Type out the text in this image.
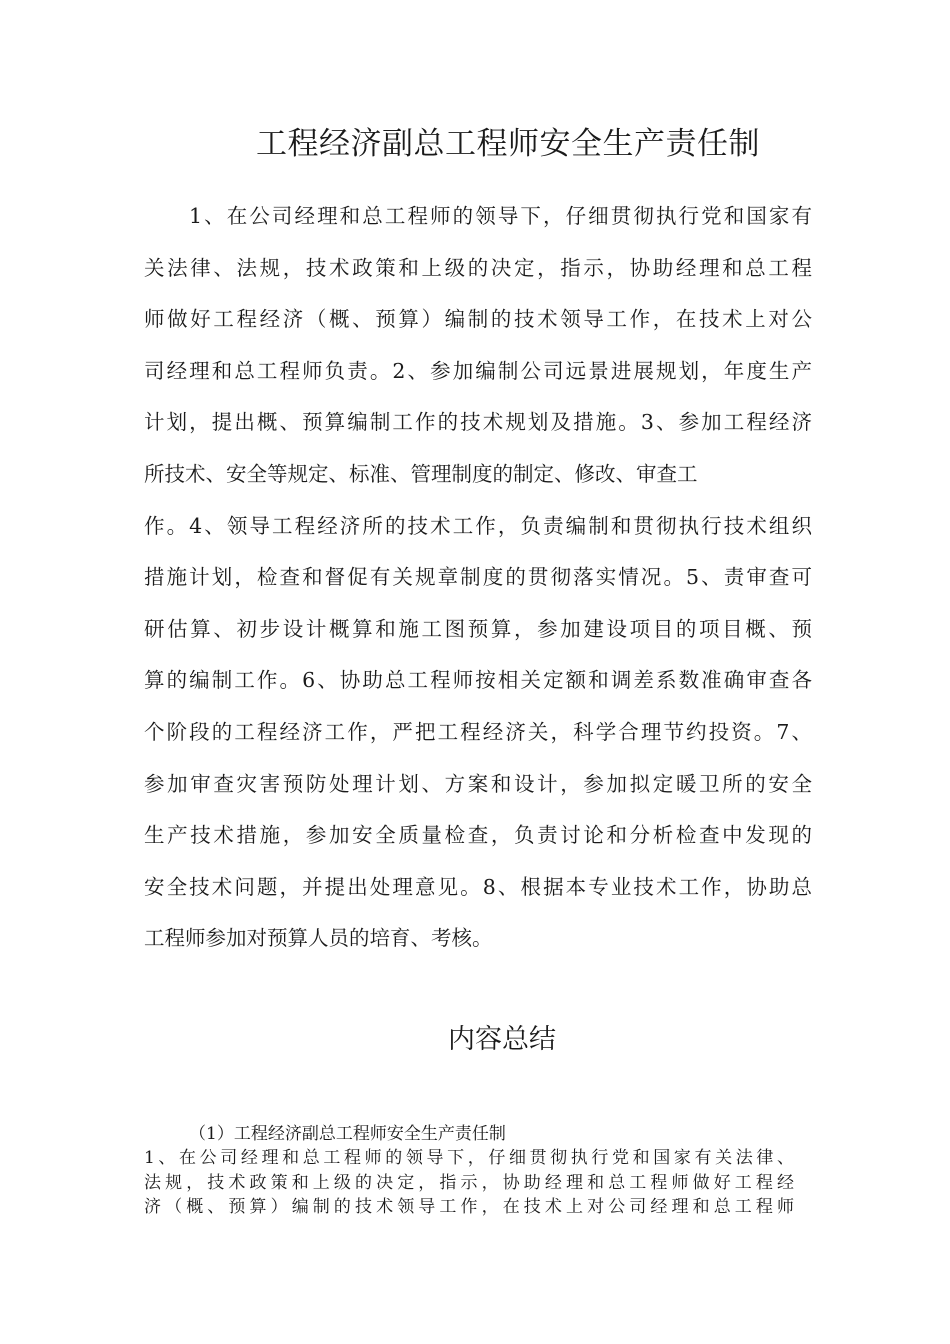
工程经济副总工程师安全生产责任制
1、在公司经理和总工程师的领导下，仔细贯彻执行党和国家有
关法律、法规，技术政策和上级的决定，指示，协助经理和总工程
师做好工程经济（概、预算）编制的技术领导工作，在技术上对公
司经理和总工程师负责。2、参加编制公司远景进展规划，年度生产
计划，提出概、预算编制工作的技术规划及措施。3、参加工程经济
所技术、安全等规定、标准、管理制度的制定、修改、审查工
作。4、领导工程经济所的技术工作，负责编制和贯彻执行技术组织
措施计划，检查和督促有关规章制度的贯彻落实情况。5、责审查可
研估算、初步设计概算和施工图预算，参加建设项目的项目概、预
算的编制工作。6、协助总工程师按相关定额和调差系数准确审查各
个阶段的工程经济工作，严把工程经济关，科学合理节约投资。7、
参加审查灾害预防处理计划、方案和设计，参加拟定暖卫所的安全
生产技术措施，参加安全质量检查，负责讨论和分析检查中发现的
安全技术问题，并提出处理意见。8、根据本专业技术工作，协助总
工程师参加对预算人员的培育、考核。
内容总结
（1）工程经济副总工程师安全生产责任制
1、在公司经理和总工程师的领导下，仔细贯彻执行党和国家有关法律、
法规，技术政策和上级的决定，指示，协助经理和总工程师做好工程经
济（概、预算）编制的技术领导工作，在技术上对公司经理和总工程师
